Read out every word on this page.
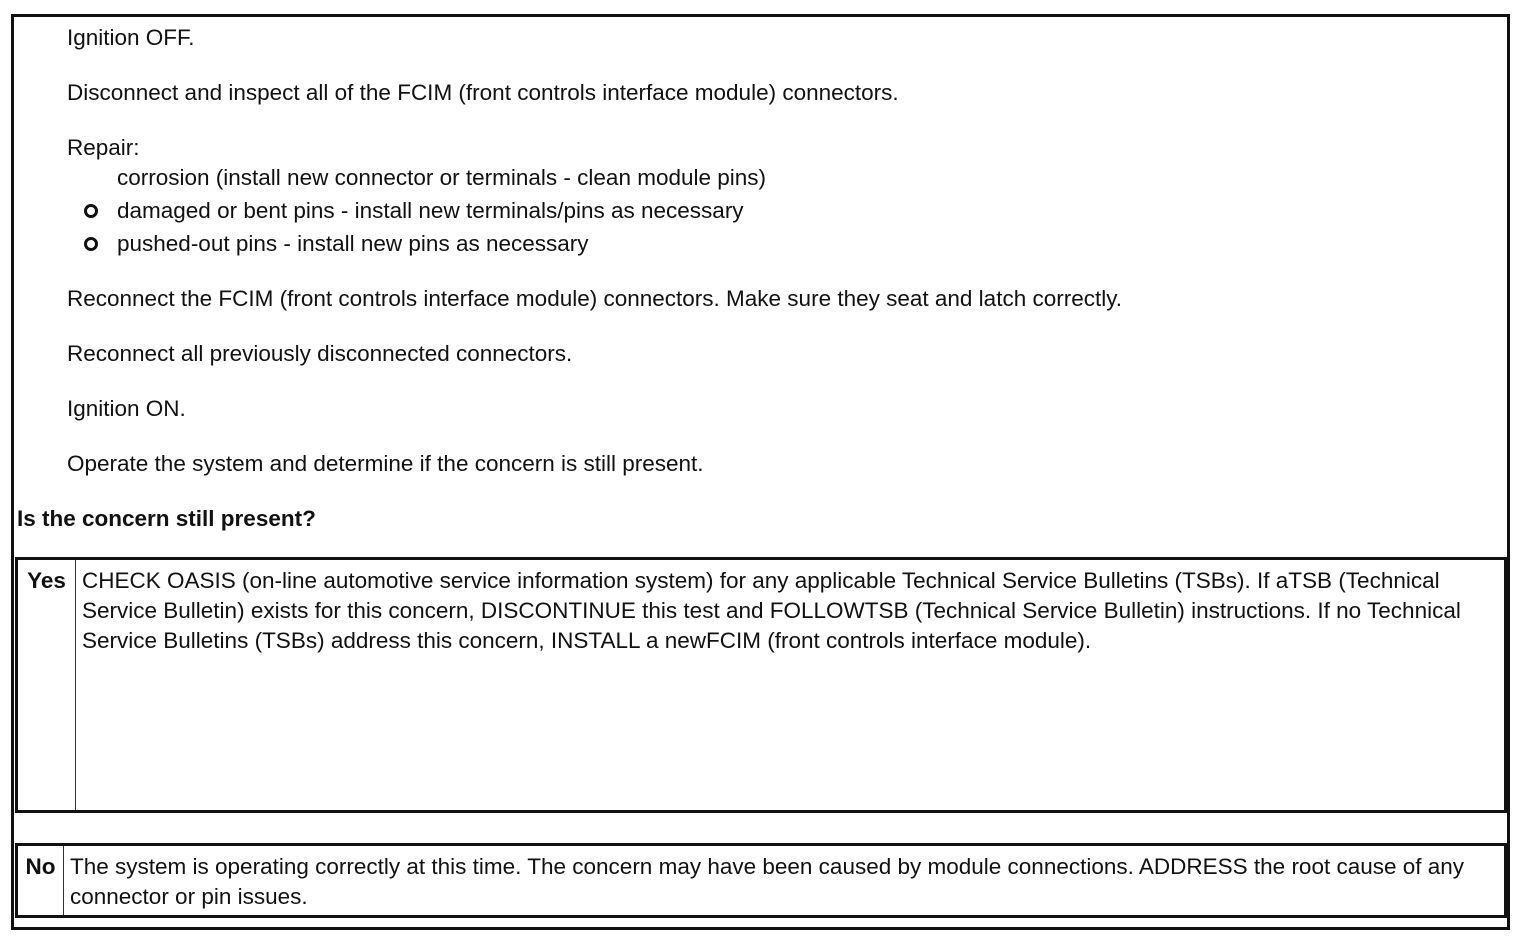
Ignition OFF.
Disconnect and inspect all of the FCIM (front controls interface module) connectors.
Repair:
corrosion (install new connector or terminals - clean module pins)
damaged or bent pins - install new terminals/pins as necessary
pushed-out pins - install new pins as necessary
Reconnect the FCIM (front controls interface module) connectors. Make sure they seat and latch correctly.
Reconnect all previously disconnected connectors.
Ignition ON.
Operate the system and determine if the concern is still present.
Is the concern still present?
Yes CHECK OASIS (on-line automotive service information system) for any applicable Technical Service Bulletins (TSBs). If aTSB (Technical Service Bulletin) exists for this concern, DISCONTINUE this test and FOLLOWTSB (Technical Service Bulletin) instructions. If no Technical Service Bulletins (TSBs) address this concern, INSTALL a newFCIM (front controls interface module).
No The system is operating correctly at this time. The concern may have been caused by module connections. ADDRESS the root cause of any connector or pin issues.
